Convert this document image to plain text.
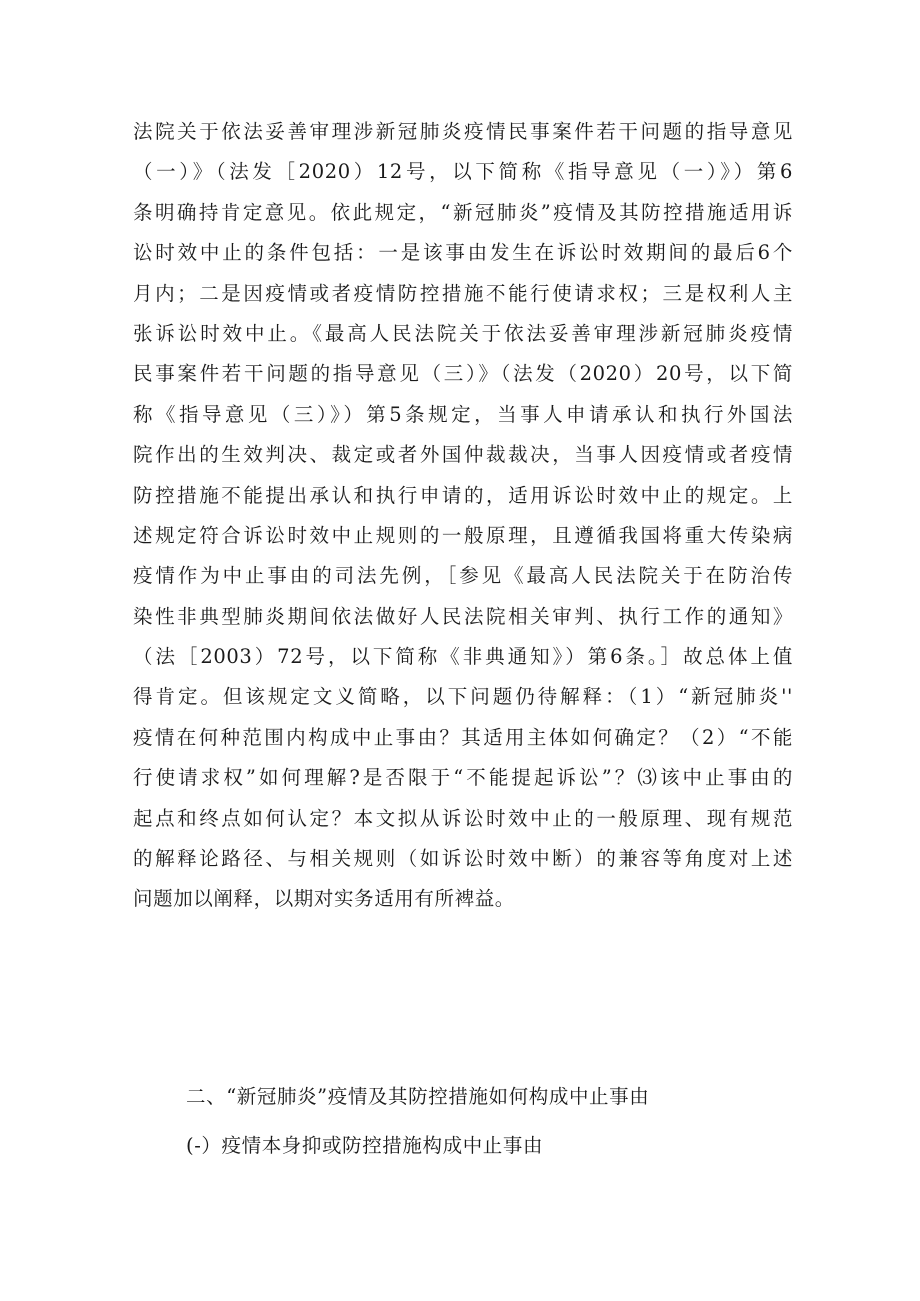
法院关于依法妥善审理涉新冠肺炎疫情民事案件若干问题的指导意见
（一）》（法发［2020）12号，以下简称《指导意见（一）》）第6
条明确持肯定意见。依此规定，“新冠肺炎”疫情及其防控措施适用诉
讼时效中止的条件包括：一是该事由发生在诉讼时效期间的最后6个
月内；二是因疫情或者疫情防控措施不能行使请求权；三是权利人主
张诉讼时效中止。《最高人民法院关于依法妥善审理涉新冠肺炎疫情
民事案件若干问题的指导意见（三）》（法发（2020）20号，以下简
称《指导意见（三）》）第5条规定，当事人申请承认和执行外国法
院作出的生效判决、裁定或者外国仲裁裁决，当事人因疫情或者疫情
防控措施不能提出承认和执行申请的，适用诉讼时效中止的规定。上
述规定符合诉讼时效中止规则的一般原理，且遵循我国将重大传染病
疫情作为中止事由的司法先例，［参见《最高人民法院关于在防治传
染性非典型肺炎期间依法做好人民法院相关审判、执行工作的通知》
（法［2003）72号，以下简称《非典通知》）第6条。］故总体上值
得肯定。但该规定文义简略，以下问题仍待解释：（1）“新冠肺炎''
疫情在何种范围内构成中止事由？其适用主体如何确定？（2）“不能
行使请求权”如何理解?是否限于“不能提起诉讼”？⑶该中止事由的
起点和终点如何认定？本文拟从诉讼时效中止的一般原理、现有规范
的解释论路径、与相关规则（如诉讼时效中断）的兼容等角度对上述
问题加以阐释，以期对实务适用有所裨益。
二、“新冠肺炎”疫情及其防控措施如何构成中止事由
(-）疫情本身抑或防控措施构成中止事由
